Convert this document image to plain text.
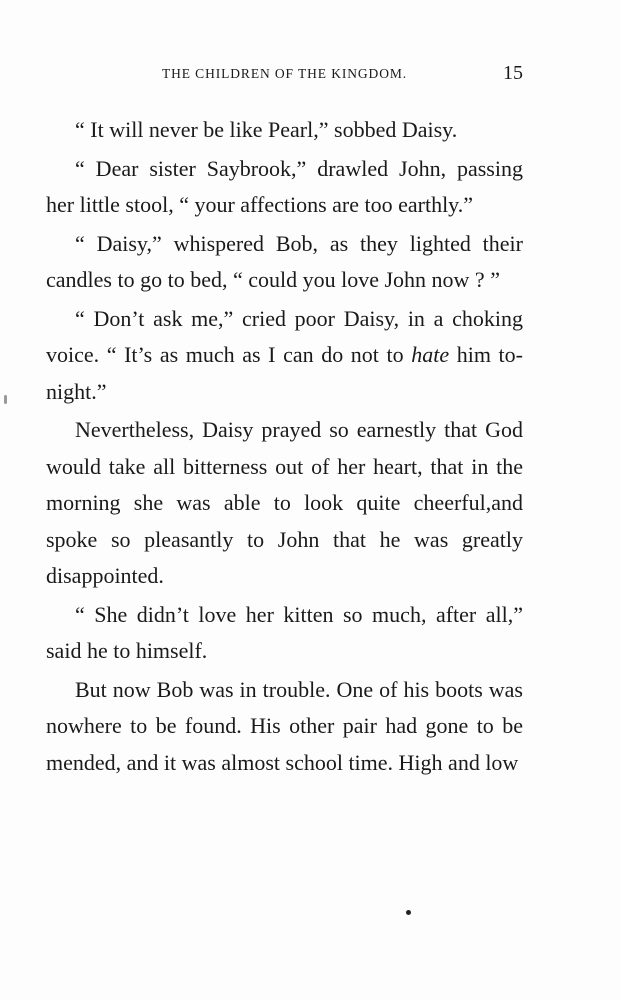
THE CHILDREN OF THE KINGDOM.	15

“ It will never be like Pearl,” sobbed Daisy.

“ Dear sister Saybrook,” drawled John, passing her little stool, “ your affections are too earthly.”

“ Daisy,” whispered Bob, as they lighted their candles to go to bed, “ could you love John now ? ”

“ Don’t ask me,” cried poor Daisy, in a choking voice. “ It’s as much as I can do not to hate him to-night.”

Nevertheless, Daisy prayed so earnestly that God would take all bitterness out of her heart, that in the morning she was able to look quite cheerful,and spoke so pleasantly to John that he was greatly disappointed.

“ She didn’t love her kitten so much, after all,” said he to himself.

But now Bob was in trouble. One of his boots was nowhere to be found. His other pair had gone to be mended, and it was almost school time. High and low
